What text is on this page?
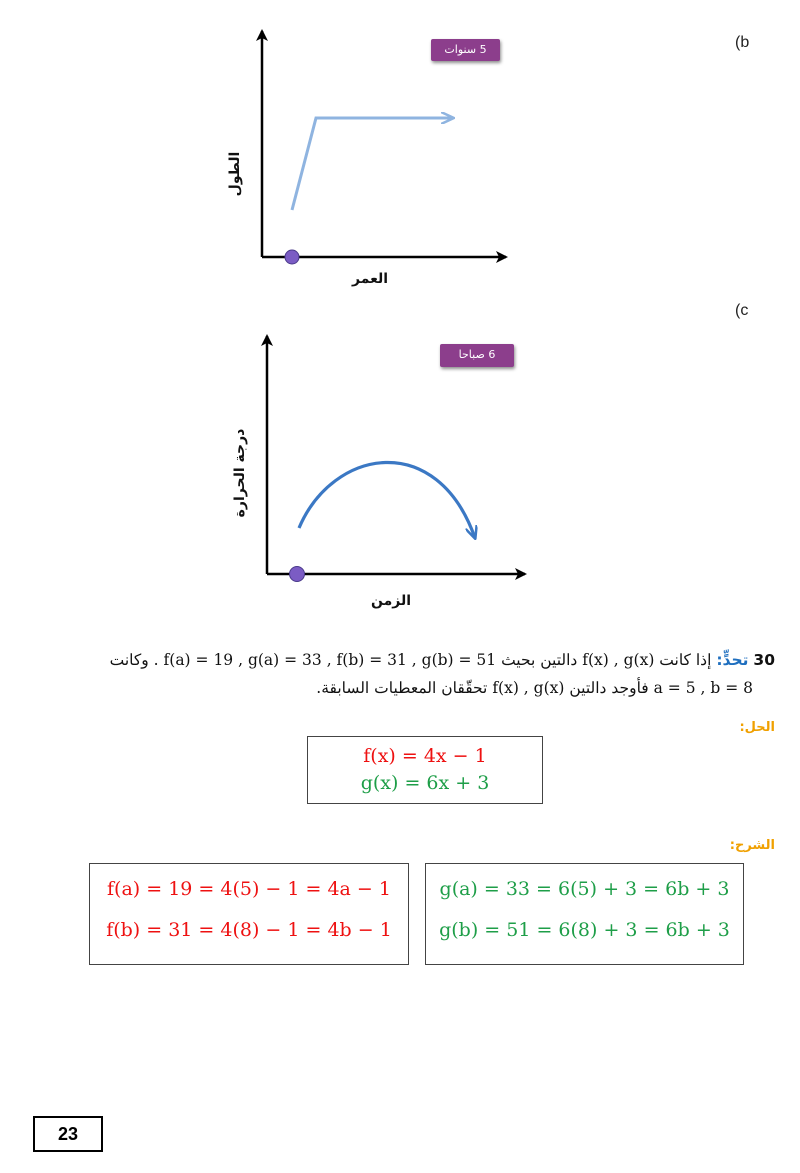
(b
5 سنوات
العمر
الطول
(c
6 صباحا
الزمن
درجة الحرارة
30 تحدٍّ: إذا كانت f(x) , g(x) دالتين بحيث f(a) = 19 , g(a) = 33 , f(b) = 31 , g(b) = 51 . وكانت
a = 5 , b = 8 فأوجد دالتين f(x) , g(x) تحقّقان المعطيات السابقة.
الحل:
f(x) = 4x − 1
g(x) = 6x + 3
الشرح:
f(a) = 19 = 4(5) − 1 = 4a − 1
f(b) = 31 = 4(8) − 1 = 4b − 1
g(a) = 33 = 6(5) + 3 = 6b + 3
g(b) = 51 = 6(8) + 3 = 6b + 3
23
